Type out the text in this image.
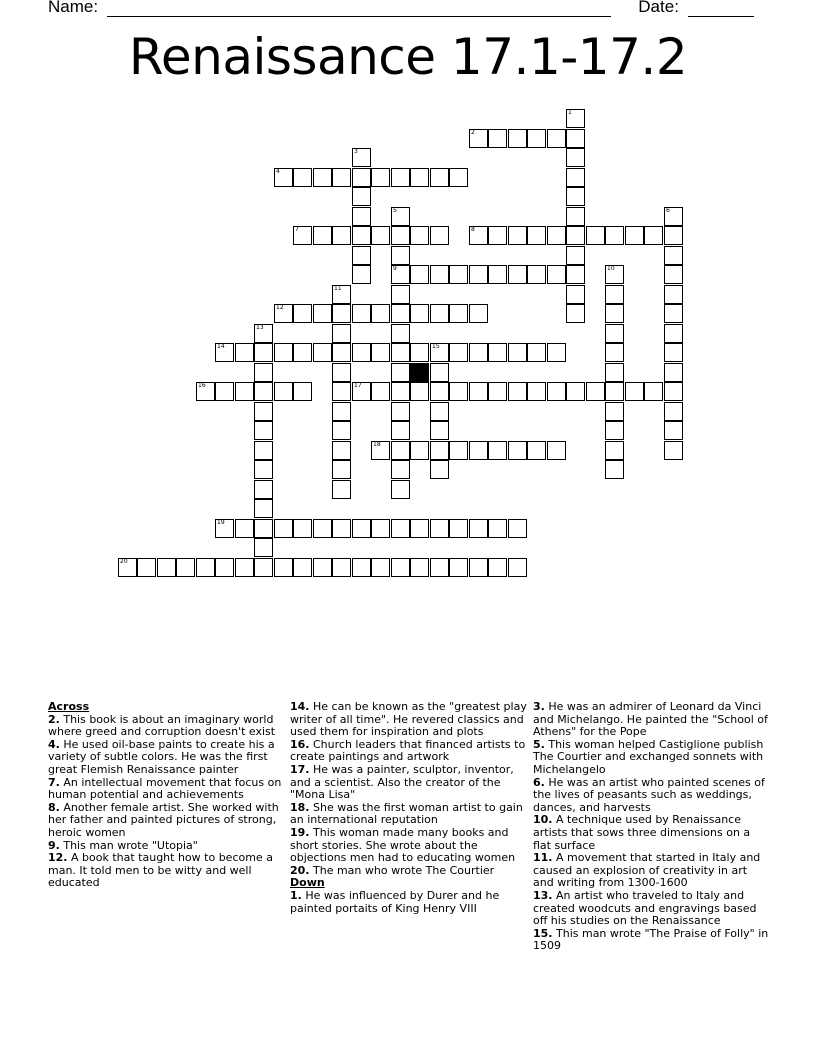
Name:	Date:
Renaissance 17.1-17.2
2
4
7	8
9
12
14	15
16	17
18
19
20
1
3
5	6
10
11
13
Across
2. This book is about an imaginary world where greed and corruption doesn't exist
4. He used oil-base paints to create his a variety of subtle colors. He was the first great Flemish Renaissance painter
7. An intellectual movement that focus on human potential and achievements
8. Another female artist. She worked with her father and painted pictures of strong, heroic women
9. This man wrote "Utopia"
12. A book that taught how to become a man. It told men to be witty and well educated
14. He can be known as the "greatest play writer of all time". He revered classics and used them for inspiration and plots
16. Church leaders that financed artists to create paintings and artwork
17. He was a painter, sculptor, inventor, and a scientist. Also the creator of the "Mona Lisa"
18. She was the first woman artist to gain an international reputation
19. This woman made many books and short stories. She wrote about the objections men had to educating women
20. The man who wrote The Courtier
Down
1. He was influenced by Durer and he painted portaits of King Henry VIII
3. He was an admirer of Leonard da Vinci and Michelango. He painted the "School of Athens" for the Pope
5. This woman helped Castiglione publish The Courtier and exchanged sonnets with Michelangelo
6. He was an artist who painted scenes of the lives of peasants such as weddings, dances, and harvests
10. A technique used by Renaissance artists that sows three dimensions on a flat surface
11. A movement that started in Italy and caused an explosion of creativity in art and writing from 1300-1600
13. An artist who traveled to Italy and created woodcuts and engravings based off his studies on the Renaissance
15. This man wrote "The Praise of Folly" in 1509
